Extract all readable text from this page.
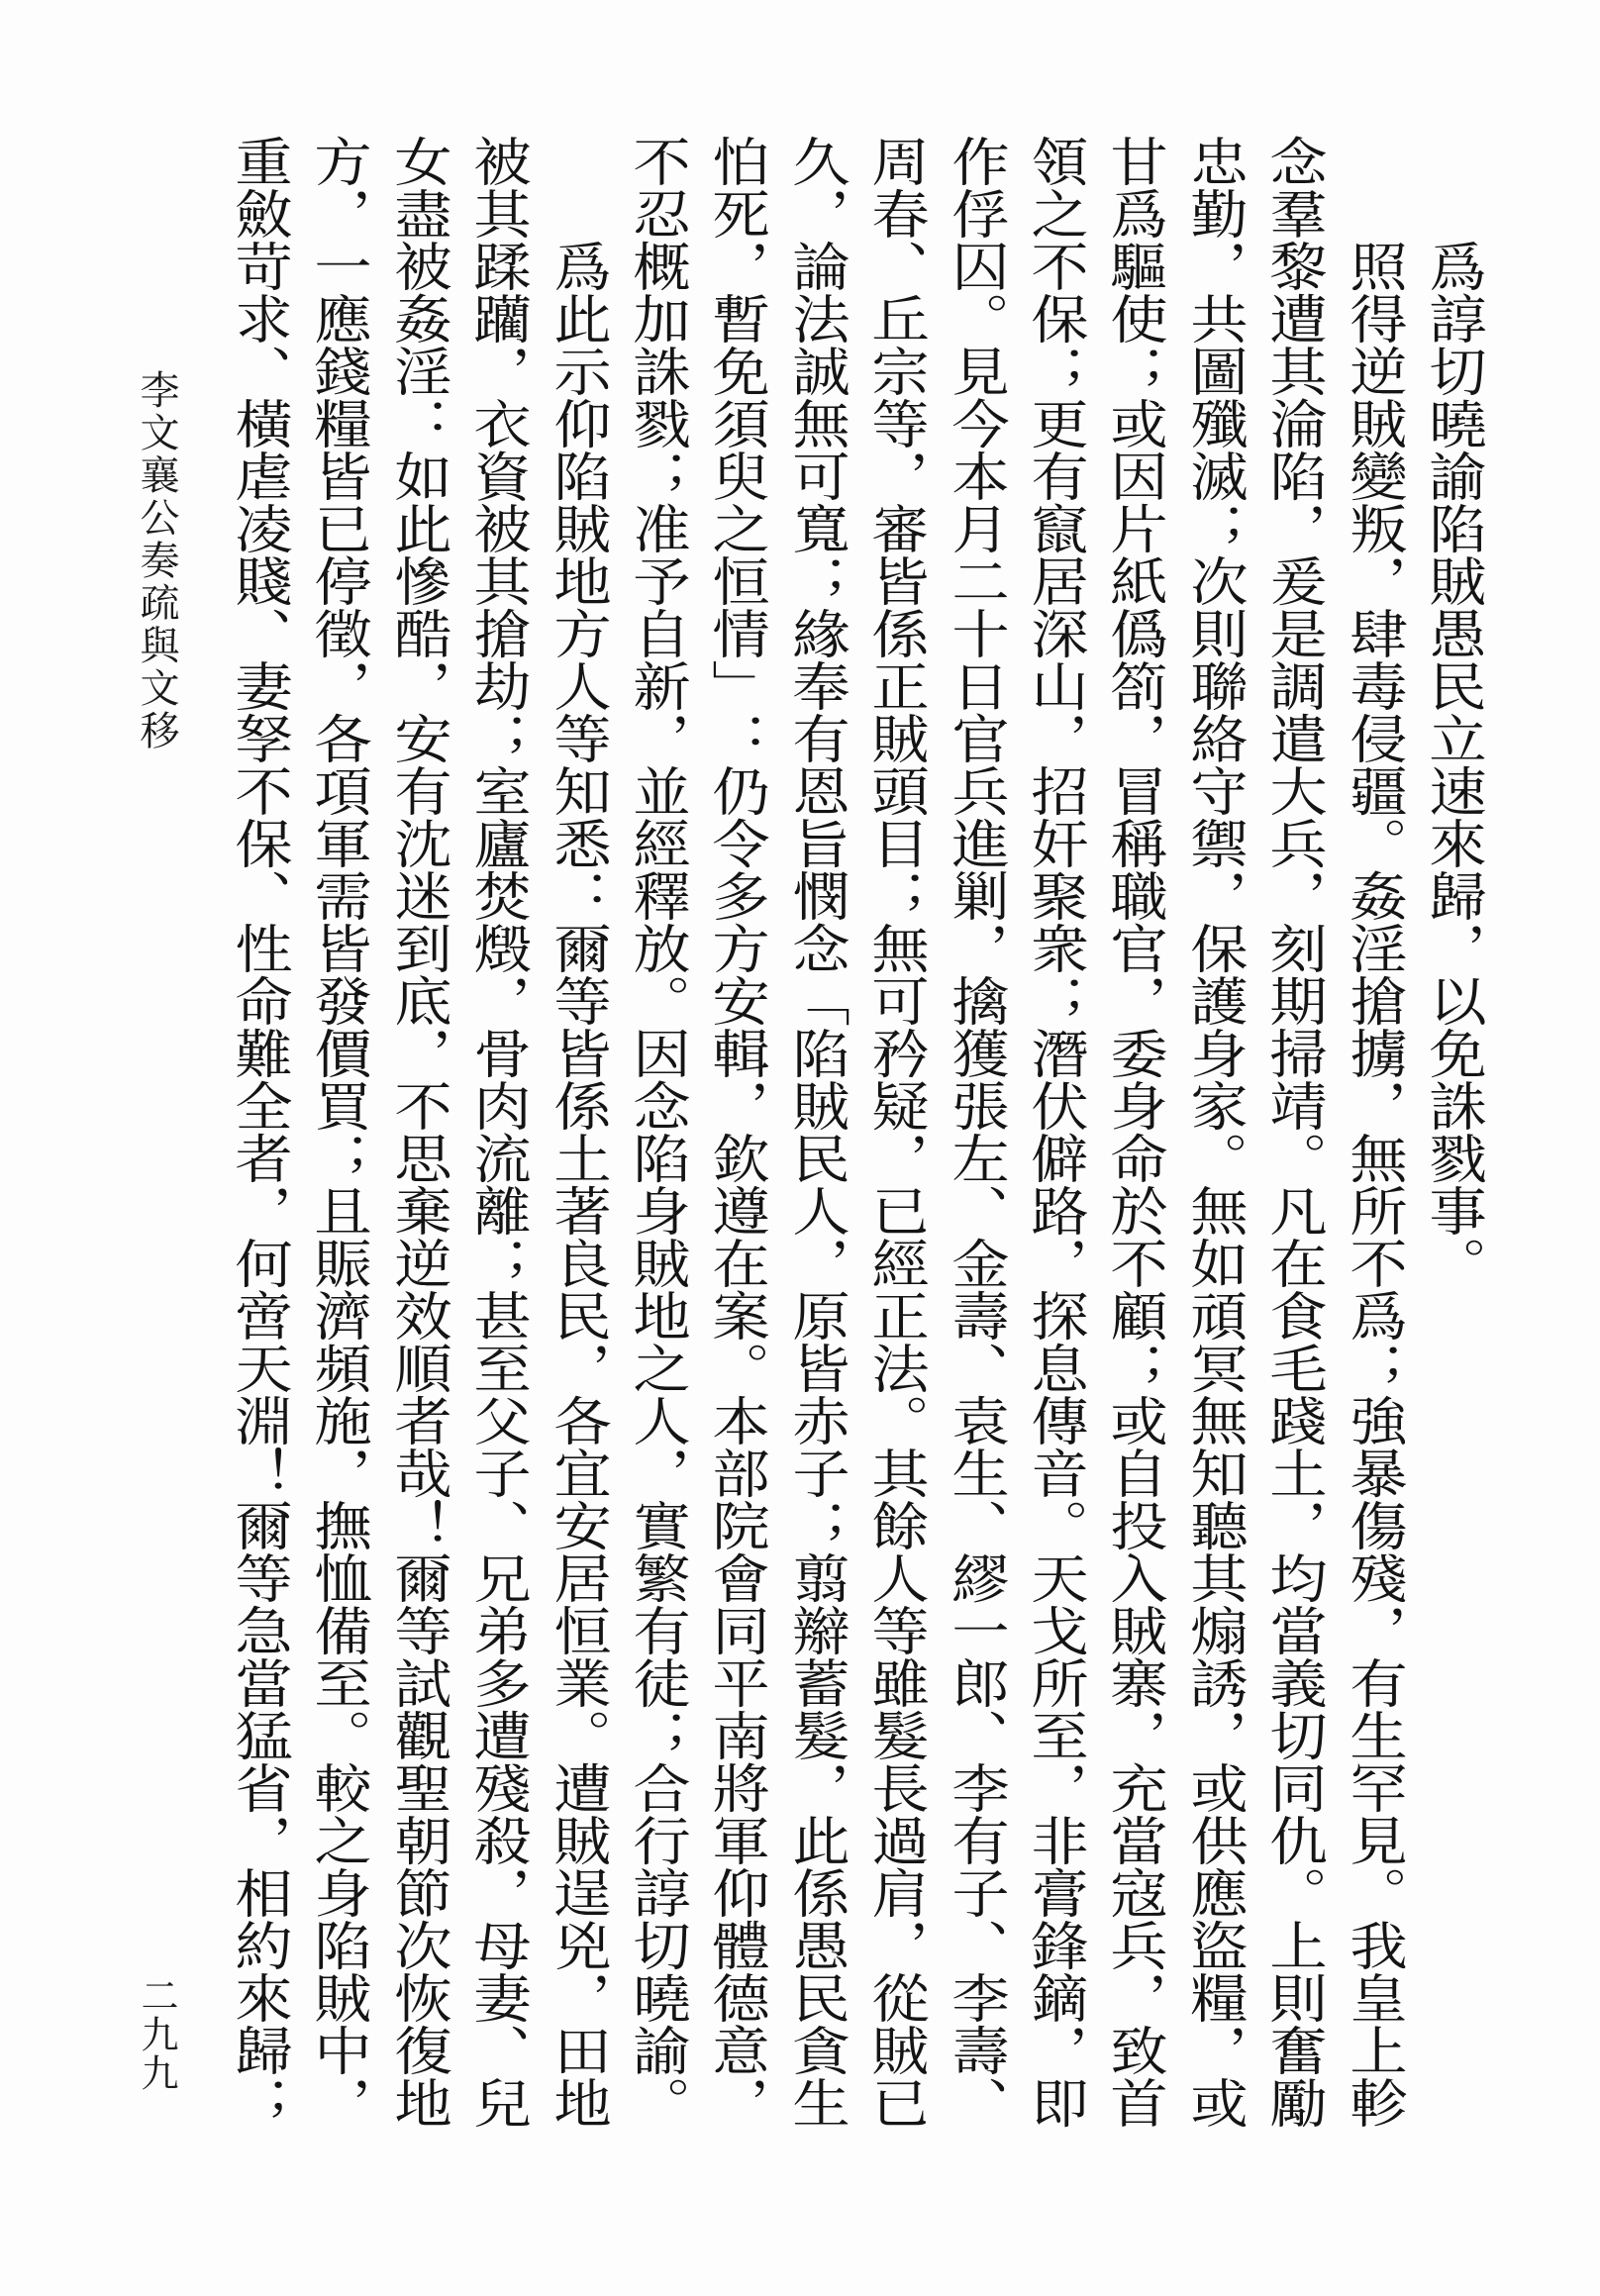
爲諄切曉諭陷賊愚民立速來歸，以免誅戮事。
照得逆賊變叛，肆毒侵疆。姦淫搶擄，無所不爲；強暴傷殘，有生罕見。我皇上軫
念羣黎遭其淪陷，爰是調遣大兵，刻期掃靖。凡在食毛踐土，均當義切同仇。上則奮勵
忠勤，共圖殲滅；次則聯絡守禦，保護身家。無如頑冥無知聽其煽誘，或供應盜糧，或
甘爲驅使；或因片紙僞箚，冒稱職官，委身命於不顧；或自投入賊寨，充當寇兵，致首
領之不保；更有竄居深山，招奸聚衆；潛伏僻路，探息傳音。天戈所至，非膏鋒鏑，即
作俘囚。見今本月二十日官兵進剿，擒獲張左、金壽、袁生、繆一郎、李有子、李壽、
周春、丘宗等，審皆係正賊頭目；無可矜疑，已經正法。其餘人等雖髮長過肩，從賊已
久，論法誠無可寬；緣奉有恩旨憫念「陷賊民人，原皆赤子；翦辮蓄髮，此係愚民貪生
怕死，暫免須臾之恒情」：仍令多方安輯，欽遵在案。本部院會同平南將軍仰體德意，
不忍概加誅戮；准予自新，並經釋放。因念陷身賊地之人，實繁有徒；合行諄切曉諭。
爲此示仰陷賊地方人等知悉：爾等皆係土著良民，各宜安居恒業。遭賊逞兇，田地
被其蹂躪，衣資被其搶劫；室廬焚燬，骨肉流離；甚至父子、兄弟多遭殘殺，母妻、兒
女盡被姦淫：如此慘酷，安有沈迷到底，不思棄逆效順者哉！爾等試觀聖朝節次恢復地
方，一應錢糧皆已停徵，各項軍需皆發價買；且賑濟頻施，撫恤備至。較之身陷賊中，
重斂苛求、橫虐凌賤、妻孥不保、性命難全者，何啻天淵！爾等急當猛省，相約來歸；
李文襄公奏疏與文移
二九九
